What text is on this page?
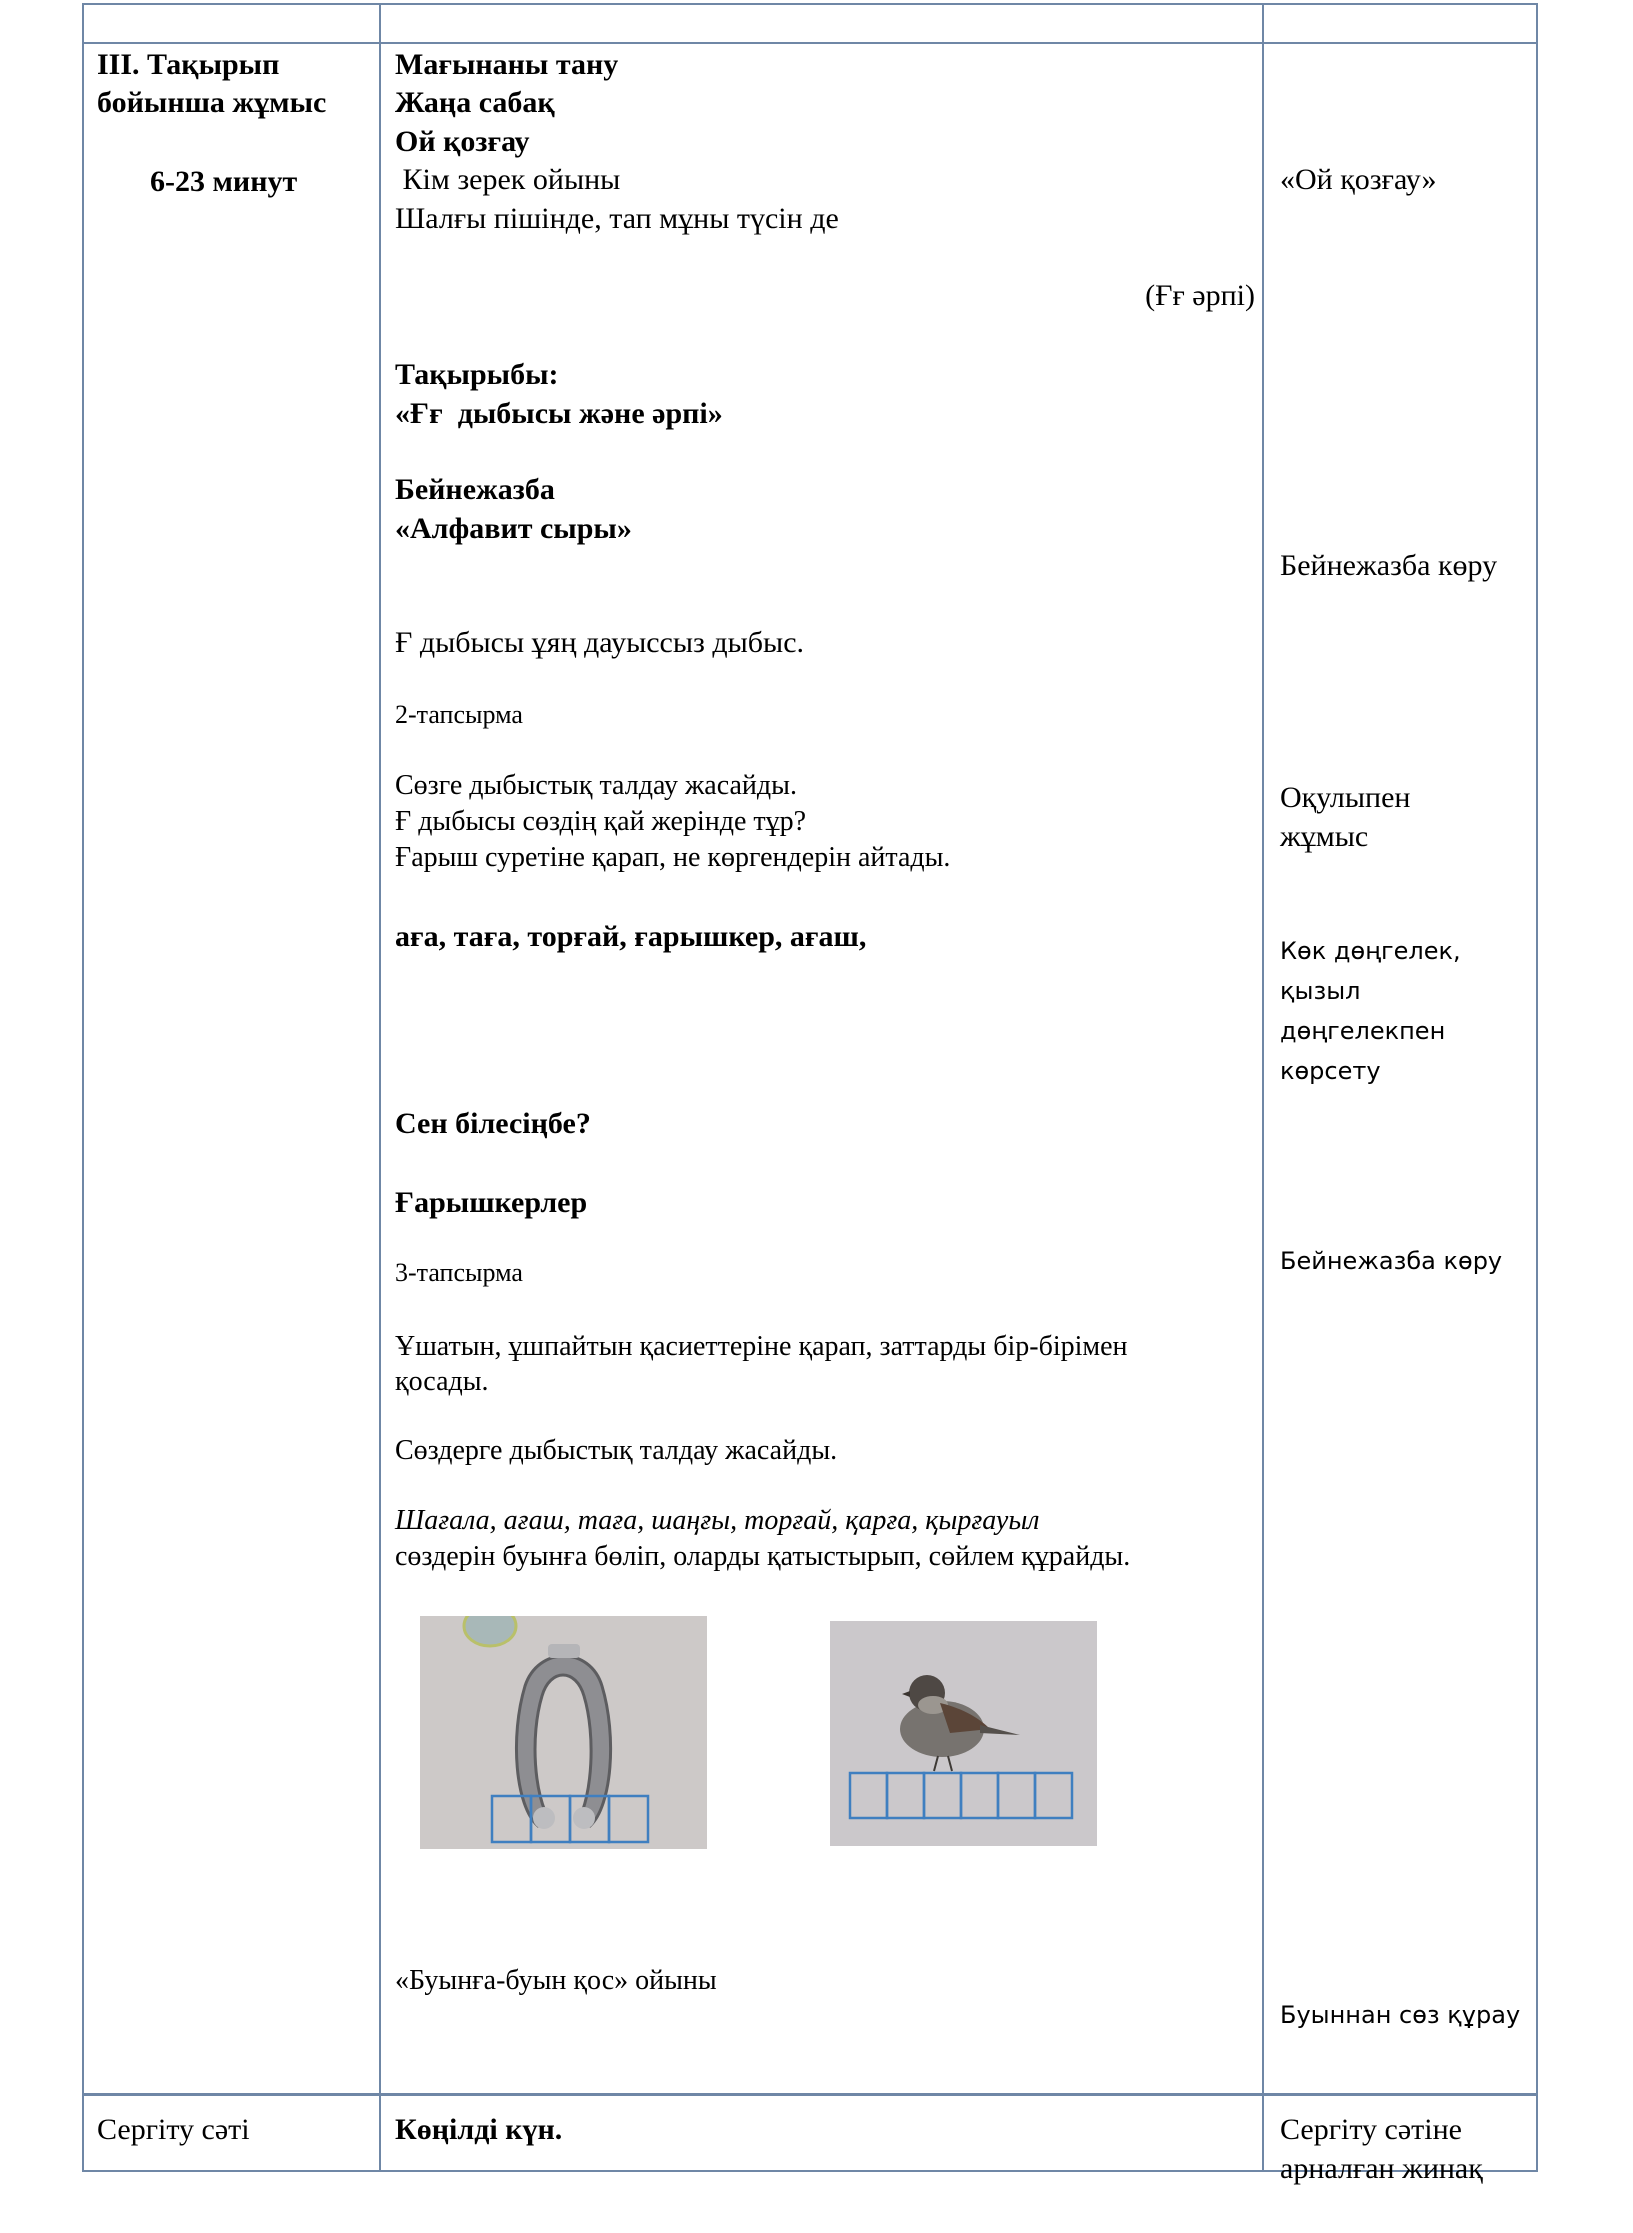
III. Тақырып
бойынша жұмыс
6-23 минут
Мағынаны тану
Жаңа сабақ
Ой қозғау
Кім зерек ойыны
Шалғы пішінде, тап мұны түсін де
(Ғғ әрпі)
Тақырыбы:
«Ғғ  дыбысы және әрпі»
Бейнежазба
«Алфавит сыры»
Ғ дыбысы ұяң дауыссыз дыбыс.
2-тапсырма
Сөзге дыбыстық талдау жасайды.
Ғ дыбысы сөздің қай жерінде тұр?
Ғарыш суретіне қарап, не көргендерін айтады.
аға, тағa, торғай, ғарышкер, ағаш,
Сен білесіңбе?
Ғарышкерлер
3-тапсырма
Ұшатын, ұшпайтын қасиеттеріне қарап, заттарды бір-бірімен
қосады.
Сөздерге дыбыстық талдау жасайды.
Шағала, ағаш, таға, шаңғы, торғай, қарға, қырғауыл
сөздерін буынға бөліп, оларды қатыстырып, сөйлем құрайды.
«Буынға-буын қос» ойыны
«Ой қозғау»
Бейнежазба көру
Оқулыпен
жұмыс
Көк дөңгелек,
қызыл
дөңгелекпен
көрсету
Бейнежазба көру
Буыннан сөз құрау
Сергіту сәті	Көңілді күн.	Сергіту сәтіне
арналған жинақ
